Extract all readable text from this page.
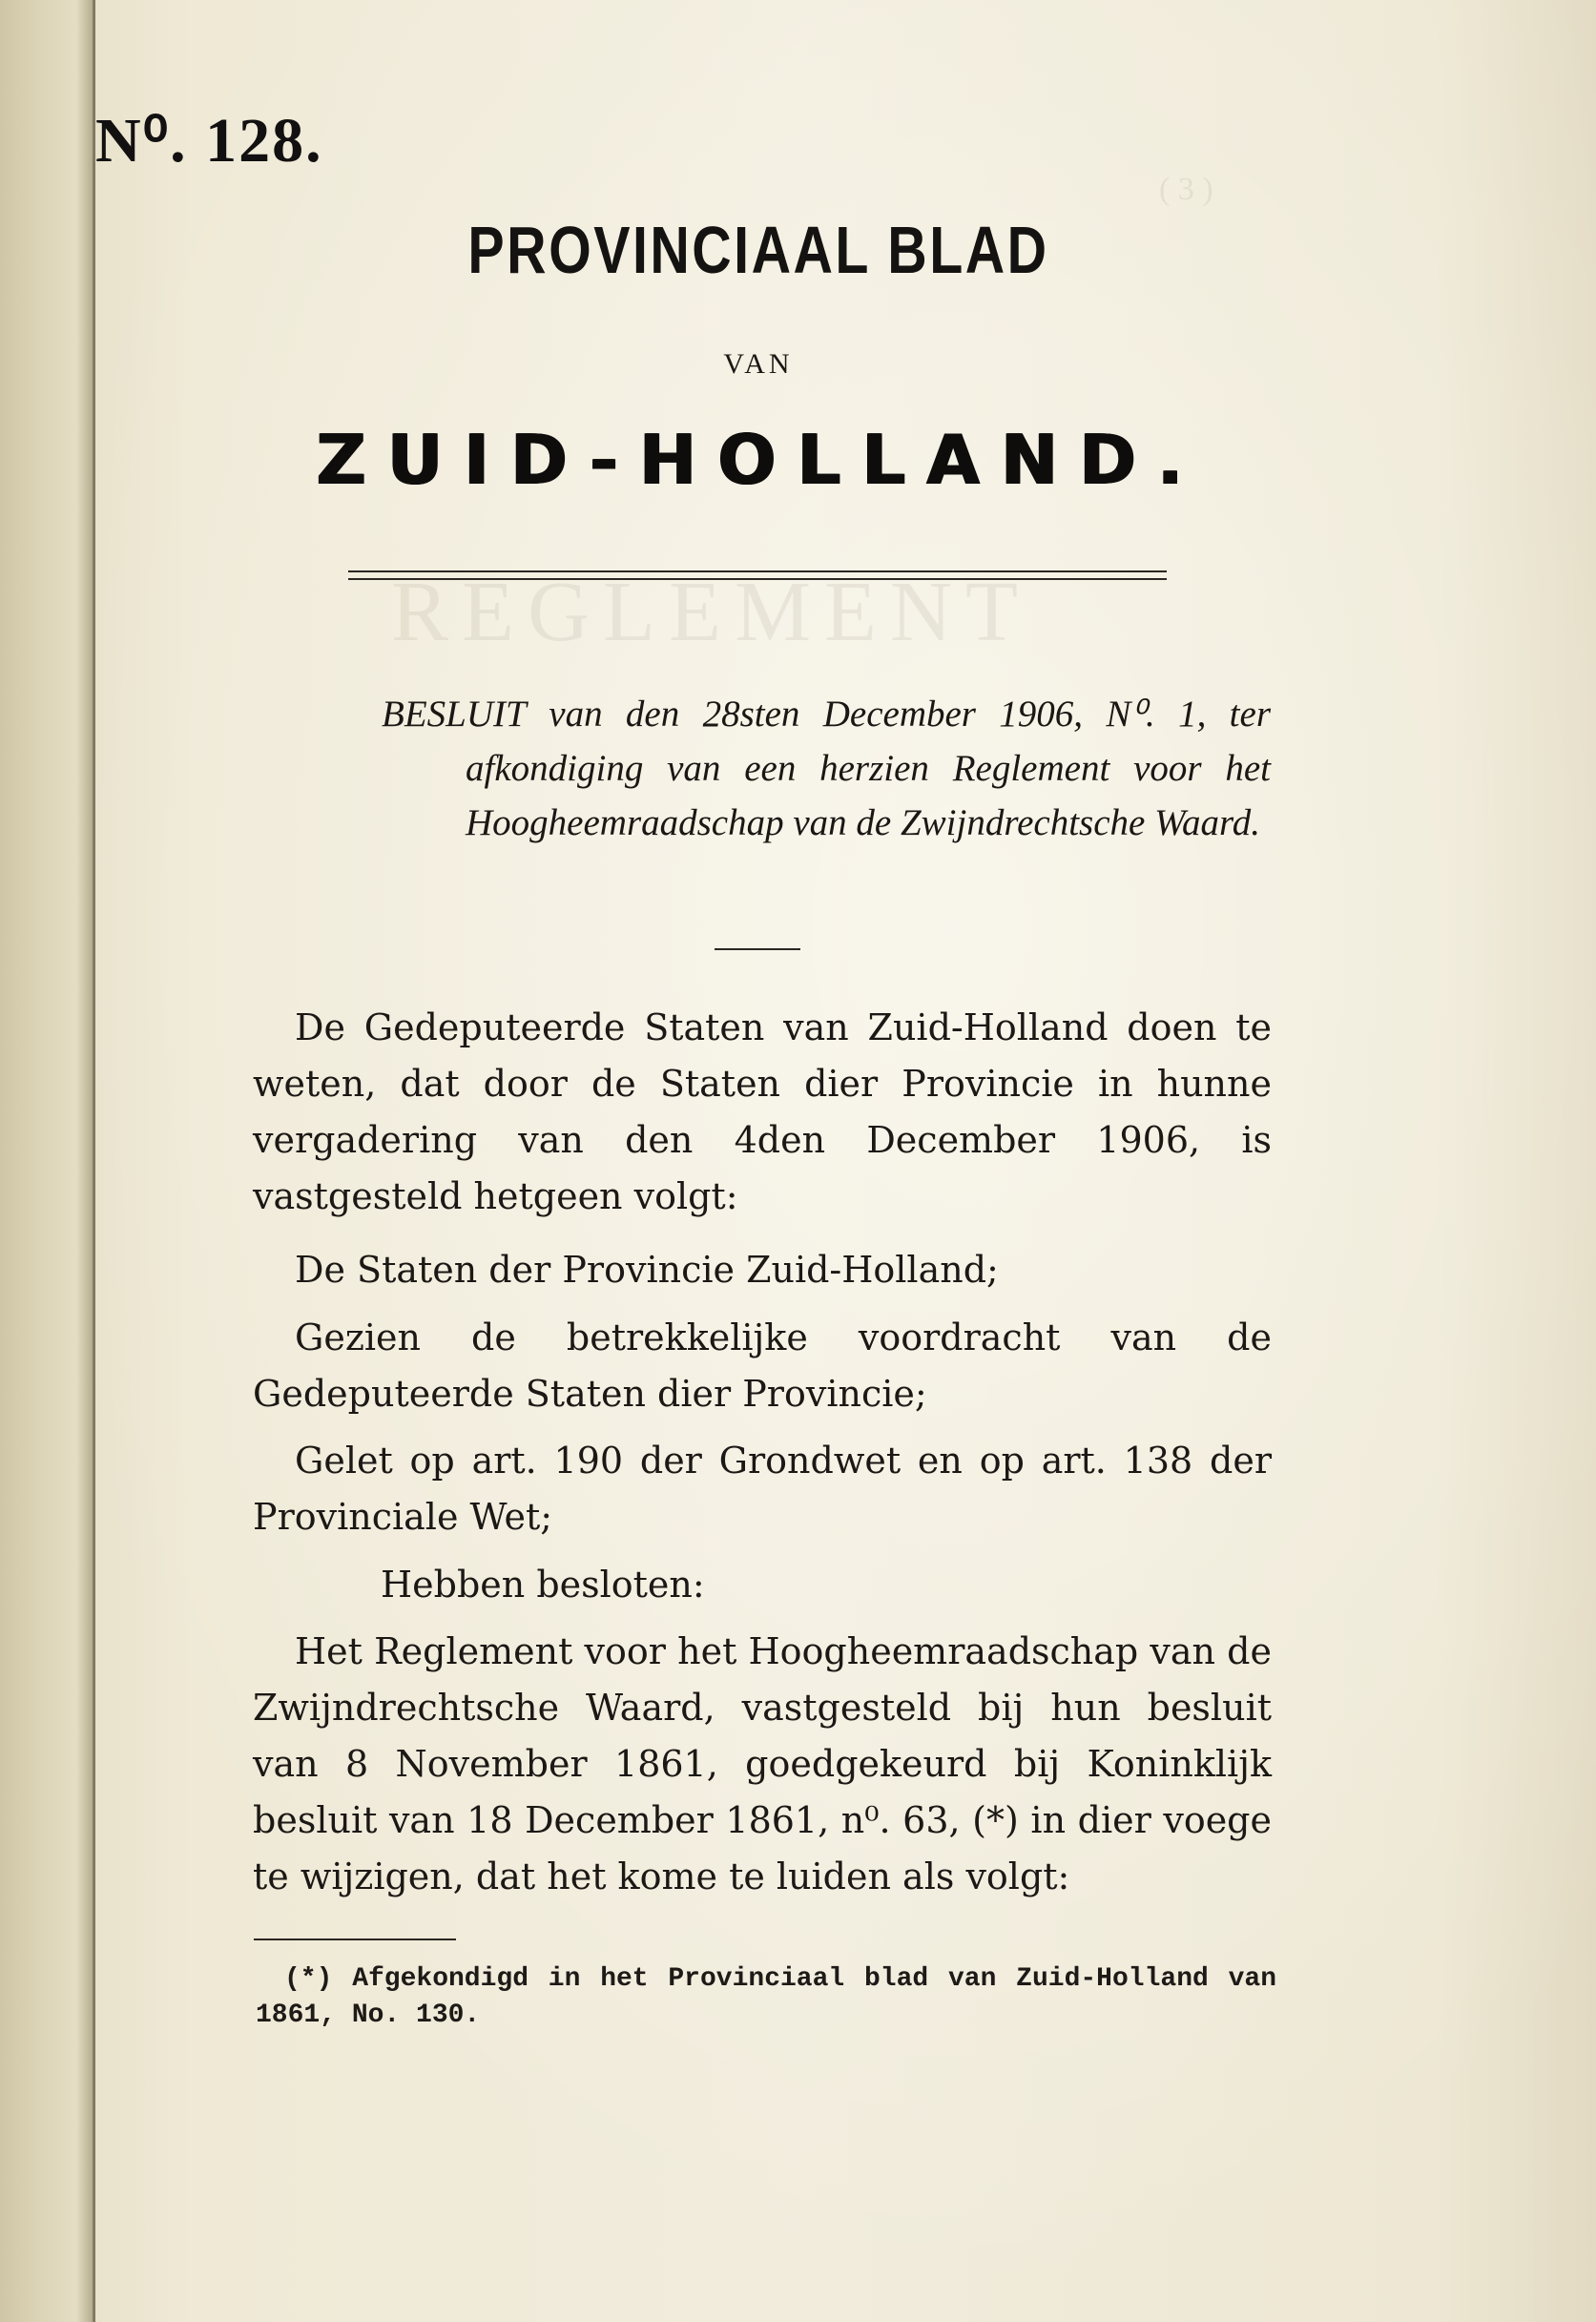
REGLEMENT
( 3 )
N⁰. 128.
PROVINCIAAL BLAD
VAN
ZUID-HOLLAND.

BESLUIT van den 28sten December 1906, N⁰. 1, ter afkondiging van een herzien Reglement voor het Hoogheemraadschap van de Zwijndrechtsche Waard.

De Gedeputeerde Staten van Zuid-Holland doen te weten, dat door de Staten dier Provincie in hunne vergadering van den 4den December 1906, is vastgesteld hetgeen volgt:

De Staten der Provincie Zuid-Holland;

Gezien de betrekkelijke voordracht van de Gedeputeerde Staten dier Provincie;

Gelet op art. 190 der Grondwet en op art. 138 der Provinciale Wet;

Hebben besloten:

Het Reglement voor het Hoogheemraadschap van de Zwijndrechtsche Waard, vastgesteld bij hun besluit van 8 November 1861, goedgekeurd bij Koninklijk besluit van 18 December 1861, n⁰. 63, (*) in dier voege te wijzigen, dat het kome te luiden als volgt:

(*) Afgekondigd in het Provinciaal blad van Zuid-Holland van 1861, No. 130.
